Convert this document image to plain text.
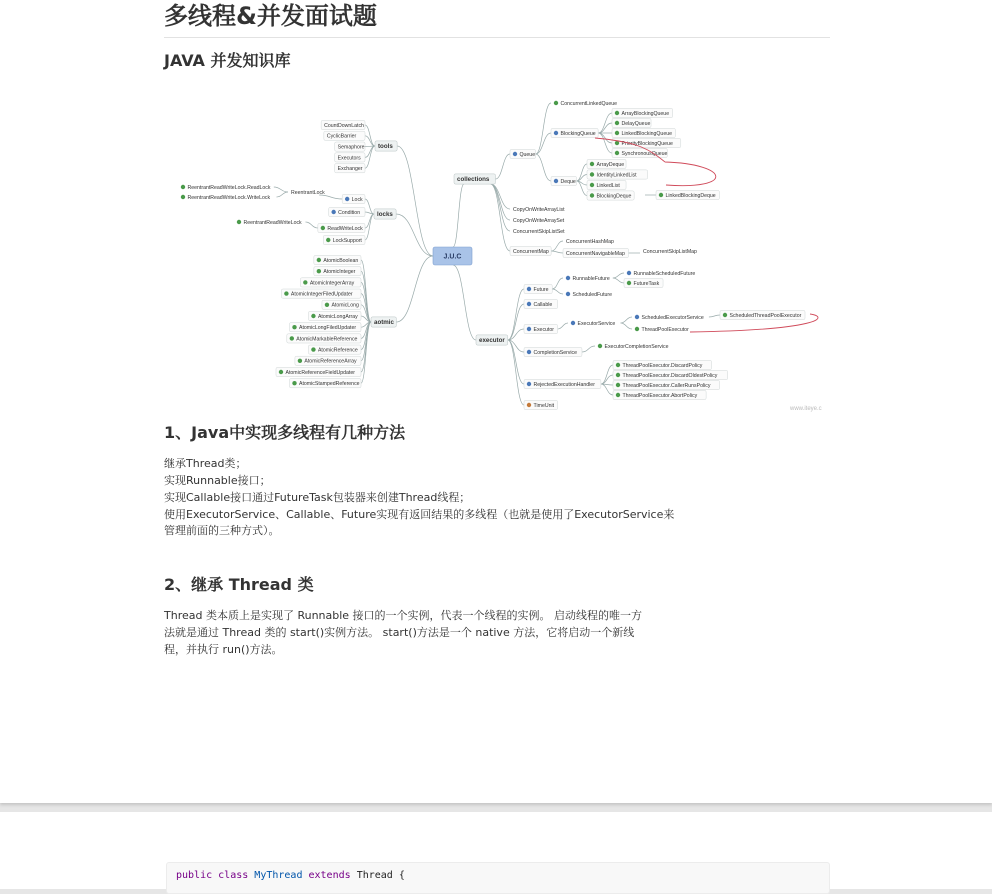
多线程&并发面试题
JAVA 并发知识库
J.U.C
tools
locks
aotmic
collections
executor
CountDownLatch
CyclicBarrier
Semaphore
Executors
Exchanger
ReentrantLock
Lock
Condition
ReadWriteLock
ReentrantReadWriteLock
LockSupport
ReentrantReadWriteLock.ReadLock
ReentrantReadWriteLock.WriteLock
AtomicBoolean
AtomicInteger
AtomicIntegerArray
AtomicIntegerFiledUpdater
AtomicLong
AtomicLongArray
AtomicLongFiledUpdater
AtomicMarkableReference
AtomicReference
AtomicReferenceArray
AtomicReferenceFieldUpdater
AtomicStampedReference
Queue
ConcurrentLinkedQueue
BlockingQueue
Deque
ArrayBlockingQueue
DelayQueue
LinkedBlockingQueue
PriorityBlockingQueue
SynchronousQueue
ArrayDeque
IdentityLinkedList
LinkedList
BlockingDeque	LinkedBlockingDeque
CopyOnWriteArrayList
CopyOnWriteArraySet
ConcurrentSkipListSet
ConcurrentMap
ConcurrentHashMap
ConcurrentNavigableMap	ConcurrentSkipListMap
Future
Callable
Executor
CompletionService
RejectedExecutionHandler
TimeUnit
RunnableFuture
ScheduledFuture
RunnableScheduledFuture
FutureTask
ExecutorService
ScheduledExecutorService
ThreadPoolExecutor
ScheduledThreadPoolExecutor
ExecutorCompletionService
ThreadPoolExecutor.DiscardPolicy
ThreadPoolExecutor.DiscardOldestPolicy
ThreadPoolExecutor.CallerRunsPolicy
ThreadPoolExecutor.AbortPolicy
www.iteye.c
1、Java中实现多线程有几种方法

继承Thread类；

实现Runnable接口；

实现Callable接口通过FutureTask包装器来创建Thread线程；

使用ExecutorService、Callable、Future实现有返回结果的多线程（也就是使用了ExecutorService来

管理前面的三种方式）。

2、继承 Thread 类

Thread 类本质上是实现了 Runnable 接口的一个实例，代表一个线程的实例。 启动线程的唯一方

法就是通过 Thread 类的 start()实例方法。 start()方法是一个 native 方法，它将启动一个新线

程，并执行 run()方法。

public class MyThread extends Thread {
